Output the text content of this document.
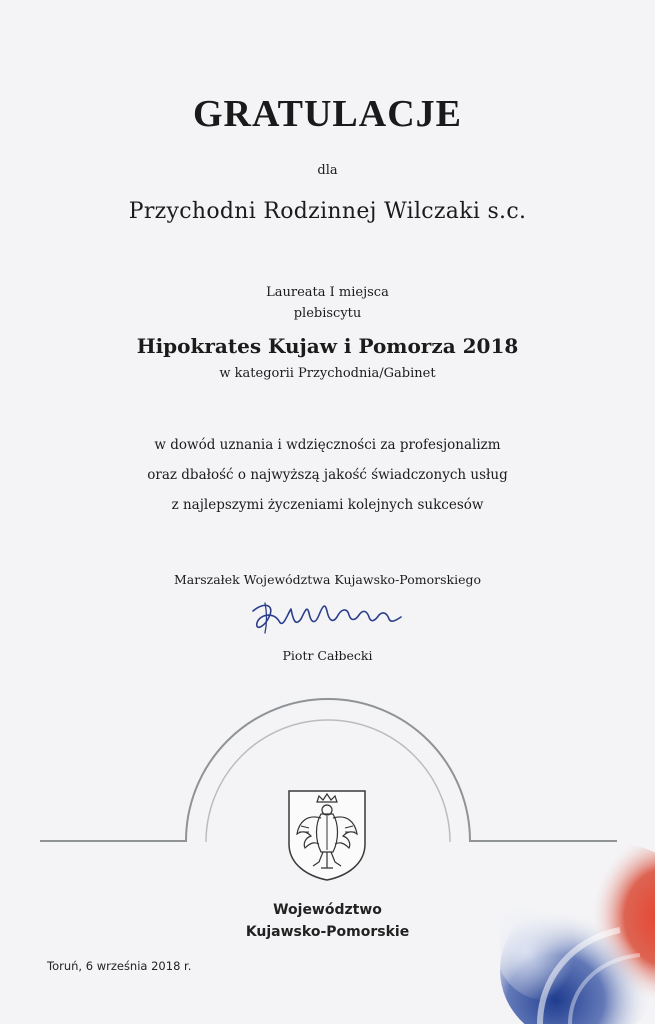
GRATULACJE
dla
Przychodni Rodzinnej Wilczaki s.c.
Laureata I miejsca
plebiscytu
Hipokrates Kujaw i Pomorza 2018
w kategorii Przychodnia/Gabinet
w dowód uznania i wdzięczności za profesjonalizm
oraz dbałość o najwyższą jakość świadczonych usług
z najlepszymi życzeniami kolejnych sukcesów
Marszałek Województwa Kujawsko-Pomorskiego
Piotr Całbecki
Województwo
Kujawsko-Pomorskie
Toruń, 6 września 2018 r.
